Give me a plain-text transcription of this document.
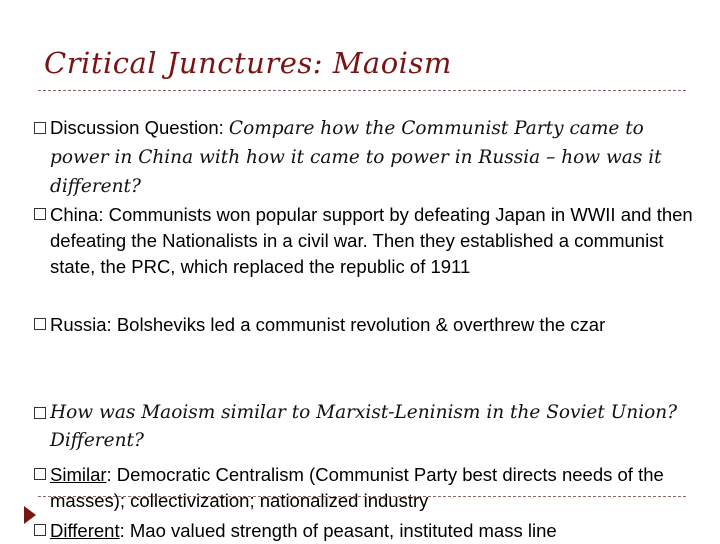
Critical Junctures: Maoism
Discussion Question: Compare how the Communist Party came to power in China with how it came to power in Russia – how was it different?
China: Communists won popular support by defeating Japan in WWII and then defeating the Nationalists in a civil war. Then they established a communist state, the PRC, which replaced the republic of 1911
Russia: Bolsheviks led a communist revolution & overthrew the czar
How was Maoism similar to Marxist-Leninism in the Soviet Union? Different?
Similar: Democratic Centralism (Communist Party best directs needs of the masses); collectivization; nationalized industry
Different: Mao valued strength of peasant, instituted mass line
